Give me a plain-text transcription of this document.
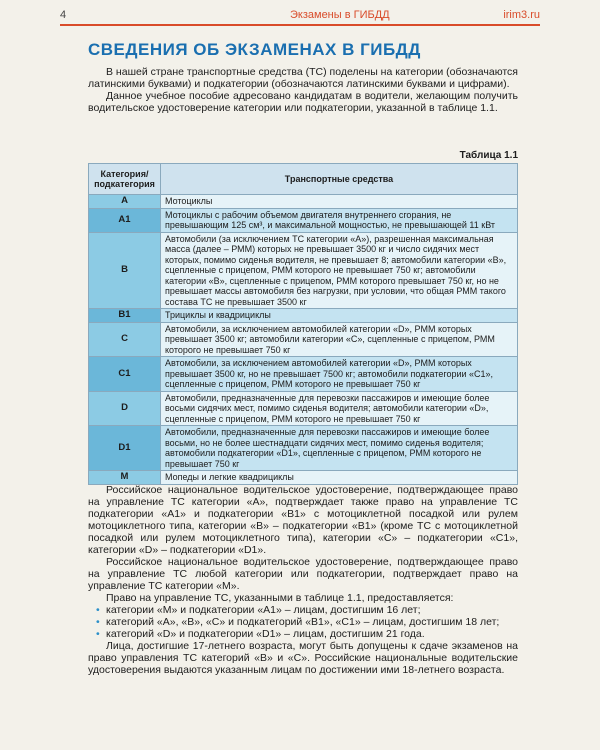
4	Экзамены в ГИБДД	irim3.ru
СВЕДЕНИЯ ОБ ЭКЗАМЕНАХ В ГИБДД

В нашей стране транспортные средства (ТС) поделены на категории (обозначаются латинскими буквами) и подкатегории (обозначаются латинскими буквами и цифрами).

Данное учебное пособие адресовано кандидатам в водители, желающим получить водительское удостоверение категории или подкатегории, указанной в таблице 1.1.

Таблица 1.1
Категория/ подкатегория	Транспортные средства
A	Мотоциклы
A1	Мотоциклы с рабочим объемом двигателя внутреннего сгорания, не превышающим 125 см³, и максимальной мощностью, не превышающей 11 кВт
B	Автомобили (за исключением ТС категории «А»), разрешенная максимальная масса (далее – РММ) которых не превышает 3500 кг и число сидячих мест которых, помимо сиденья водителя, не превышает 8; автомобили категории «В», сцепленные с прицепом, РММ которого не превышает 750 кг; автомобили категории «В», сцепленные с прицепом, РММ которого превышает 750 кг, но не превышает массы автомобиля без нагрузки, при условии, что общая РММ такого состава ТС не превышает 3500 кг
B1	Трициклы и квадрициклы
C	Автомобили, за исключением автомобилей категории «D», РММ которых превышает 3500 кг; автомобили категории «С», сцепленные с прицепом, РММ которого не превышает 750 кг
C1	Автомобили, за исключением автомобилей категории «D», РММ которых превышает 3500 кг, но не превышает 7500 кг; автомобили подкатегории «С1», сцепленные с прицепом, РММ которого не превышает 750 кг
D	Автомобили, предназначенные для перевозки пассажиров и имеющие более восьми сидячих мест, помимо сиденья водителя; автомобили категории «D», сцепленные с прицепом, РММ которого не превышает 750 кг
D1	Автомобили, предназначенные для перевозки пассажиров и имеющие более восьми, но не более шестнадцати сидячих мест, помимо сиденья водителя; автомобили подкатегории «D1», сцепленные с прицепом, РММ которого не превышает 750 кг
M	Мопеды и легкие квадрициклы

Российское национальное водительское удостоверение, подтверждающее право на управление ТС категории «А», подтверждает также право на управление ТС подкатегории «А1» и подкатегории «В1» с мотоциклетной посадкой или рулем мотоциклетного типа, категории «В» – подкатегории «В1» (кроме ТС с мотоциклетной посадкой или рулем мотоциклетного типа), категории «С» – подкатегории «С1», категории «D» – подкатегории «D1».

Российское национальное водительское удостоверение, подтверждающее право на управление ТС любой категории или подкатегории, подтверждает право на управление ТС категории «М».

Право на управление ТС, указанными в таблице 1.1, предоставляется:

• категории «М» и подкатегории «А1» – лицам, достигшим 16 лет;
• категорий «А», «В», «С» и подкатегорий «В1», «С1» – лицам, достигшим 18 лет;
• категорий «D» и подкатегории «D1» – лицам, достигшим 21 года.

Лица, достигшие 17-летнего возраста, могут быть допущены к сдаче экзаменов на право управления ТС категорий «В» и «С». Российские национальные водительские удостоверения выдаются указанным лицам по достижении ими 18-летнего возраста.
